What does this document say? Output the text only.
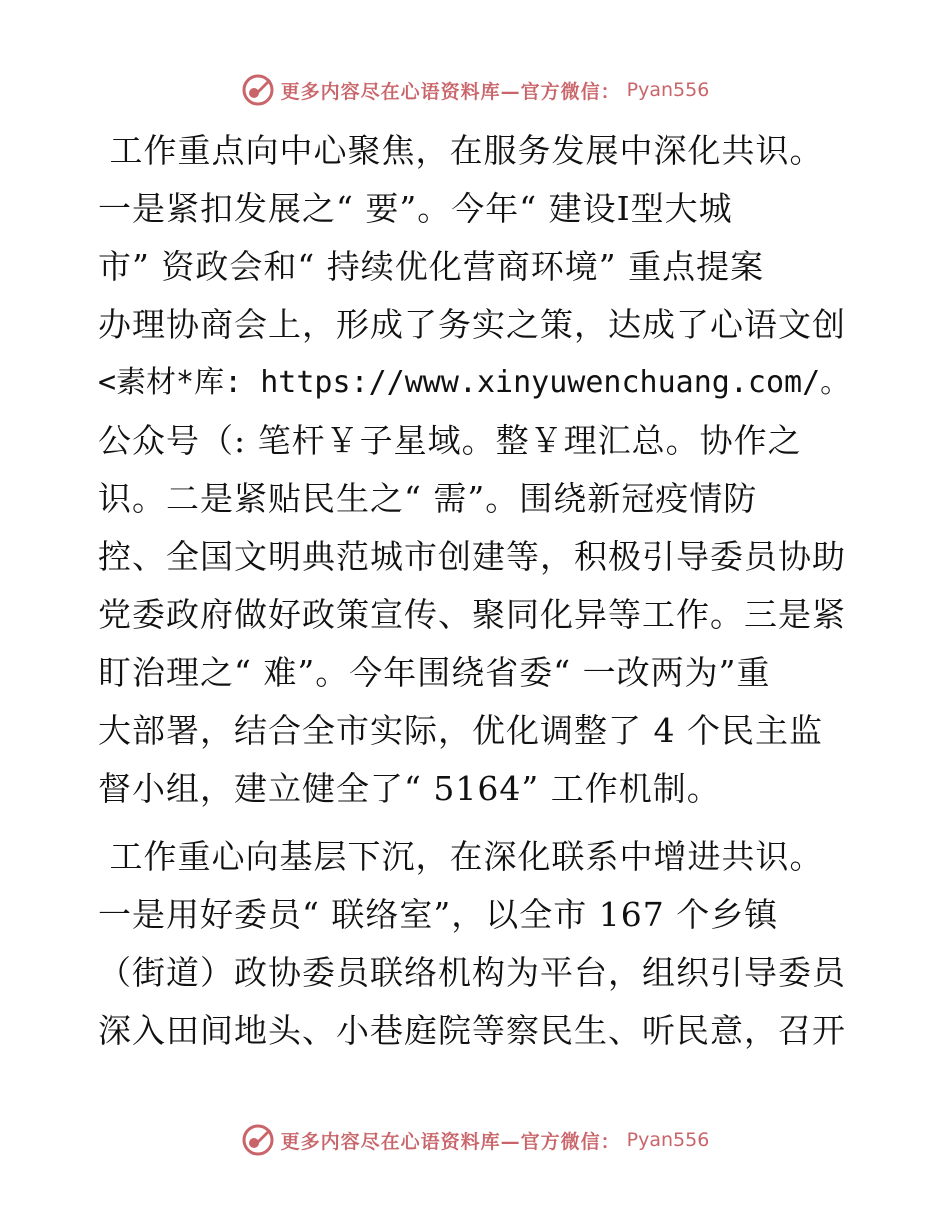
更多内容尽在心语资料库—官方微信： Pyan556
工作重点向中心聚焦，在服务发展中深化共识。
一是紧扣发展之“ 要”。今年“ 建设Ⅰ型大城
市” 资政会和“ 持续优化营商环境” 重点提案
办理协商会上，形成了务实之策，达成了心语文创
<素材*库: https://www.xinyuwenchuang.com/。
公众号（: 笔杆￥子星域。整￥理汇总。协作之
识。二是紧贴民生之“ 需”。围绕新冠疫情防
控、全国文明典范城市创建等，积极引导委员协助
党委政府做好政策宣传、聚同化异等工作。三是紧
盯治理之“ 难”。今年围绕省委“ 一改两为”重
大部署，结合全市实际，优化调整了 4 个民主监
督小组，建立健全了“ 5164” 工作机制。
工作重心向基层下沉，在深化联系中增进共识。
一是用好委员“ 联络室”，以全市 167 个乡镇
（街道）政协委员联络机构为平台，组织引导委员
深入田间地头、小巷庭院等察民生、听民意，召开
更多内容尽在心语资料库—官方微信： Pyan556
